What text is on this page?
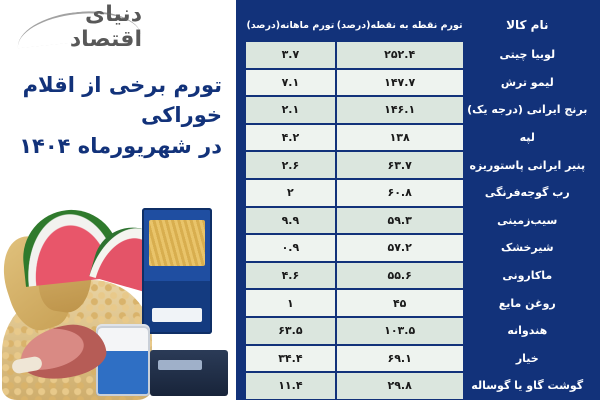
دنیای اقتصاد
تورم برخی از اقلام خوراکی
در شهریورماه ۱۴۰۴
نام کالا	تورم نقطه به نقطه(درصد)	تورم ماهانه(درصد)
لوبیا چیتی	۲۵۲.۴	۳.۷
لیمو ترش	۱۴۷.۷	۷.۱
برنج ایرانی (درجه یک)	۱۴۶.۱	۲.۱
لپه	۱۳۸	۴.۲
پنیر ایرانی پاستوریزه	۶۳.۷	۲.۶
رب گوجه‌فرنگی	۶۰.۸	۲
سیب‌زمینی	۵۹.۳	۹.۹
شیرخشک	۵۷.۲	۰.۹
ماکارونی	۵۵.۶	۴.۶
روغن مایع	۴۵	۱
هندوانه	۱۰۳.۵	۶۳.۵
خیار	۶۹.۱	۳۴.۴
گوشت گاو یا گوساله	۲۹.۸	۱۱.۴
